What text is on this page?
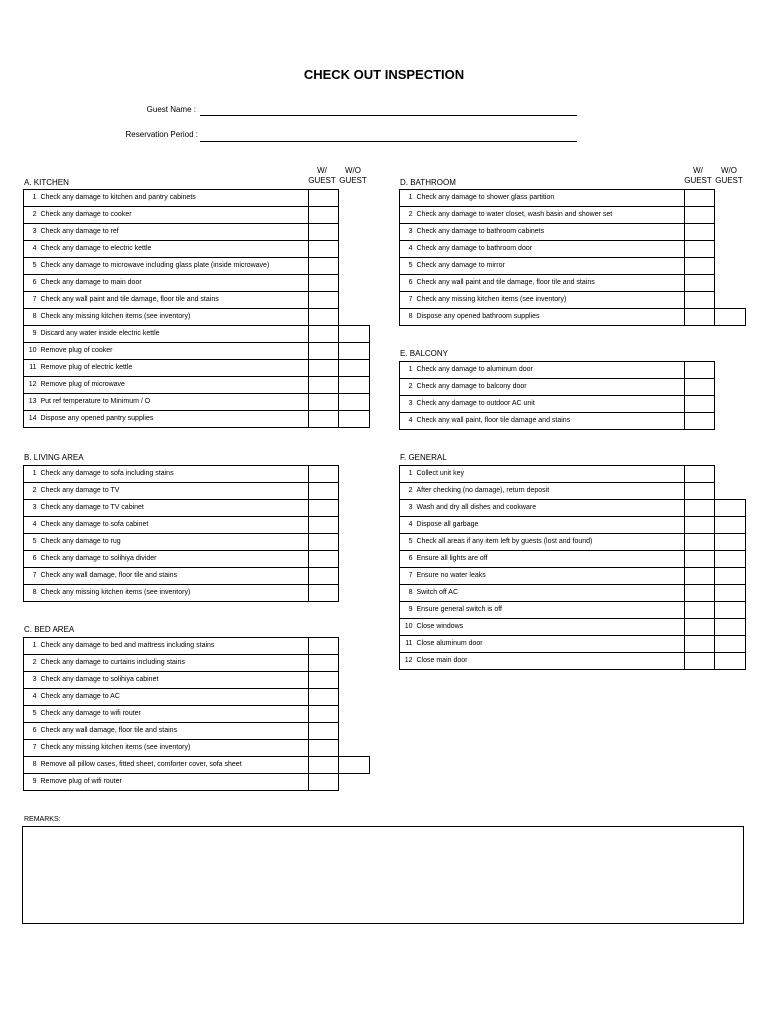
CHECK OUT INSPECTION
Guest Name :
Reservation Period :
W/
GUEST
W/O
GUEST
W/
GUEST
W/O
GUEST
A. KITCHEN
B. LIVING AREA
C. BED AREA
D. BATHROOM
E. BALCONY
F. GENERAL
1	Check any damage to kitchen and pantry cabinets		
2	Check any damage to cooker		
3	Check any damage to ref		
4	Check any damage to electric kettle		
5	Check any damage to microwave including glass plate (inside microwave)		
6	Check any damage to main door		
7	Check any wall paint and tile damage, floor tile and stains		
8	Check any missing kitchen items (see inventory)		
9	Discard any water inside electric kettle		
10	Remove plug of cooker		
11	Remove plug of electric kettle		
12	Remove plug of microwave		
13	Put ref temperature to Minimum / O		
14	Dispose any opened pantry supplies		
1	Check any damage to sofa including stains		
2	Check any damage to TV		
3	Check any damage to TV cabinet		
4	Check any damage to sofa cabinet		
5	Check any damage to rug		
6	Check any damage to solihiya divider		
7	Check any wall damage, floor tile and stains		
8	Check any missing kitchen items (see inventory)		
1	Check any damage to bed and mattress including stains		
2	Check any damage to curtains including stains		
3	Check any damage to solihiya cabinet		
4	Check any damage to AC		
5	Check any damage to wifi router		
6	Check any wall damage, floor tile and stains		
7	Check any missing kitchen items (see inventory)		
8	Remove all pillow cases, fitted sheet, comforter cover, sofa sheet		
9	Remove plug of wifi router		
1	Check any damage to shower glass partition		
2	Check any damage to water closet, wash basin and shower set		
3	Check any damage to bathroom cabinets		
4	Check any damage to bathroom door		
5	Check any damage to mirror		
6	Check any wall paint and tile damage, floor tile and stains		
7	Check any missing kitchen items (see inventory)		
8	Dispose any opened bathroom supplies		
1	Check any damage to aluminum door		
2	Check any damage to balcony door		
3	Check any damage to outdoor AC unit		
4	Check any wall paint, floor tile damage and stains		
1	Collect unit key		
2	After checking (no damage), return deposit		
3	Wash and dry all dishes and cookware		
4	Dispose all garbage		
5	Check all areas if any item left by guests (lost and found)		
6	Ensure all lights are off		
7	Ensure no water leaks		
8	Switch off AC		
9	Ensure general switch is off		
10	Close windows		
11	Close aluminum door		
12	Close main door		
REMARKS:
